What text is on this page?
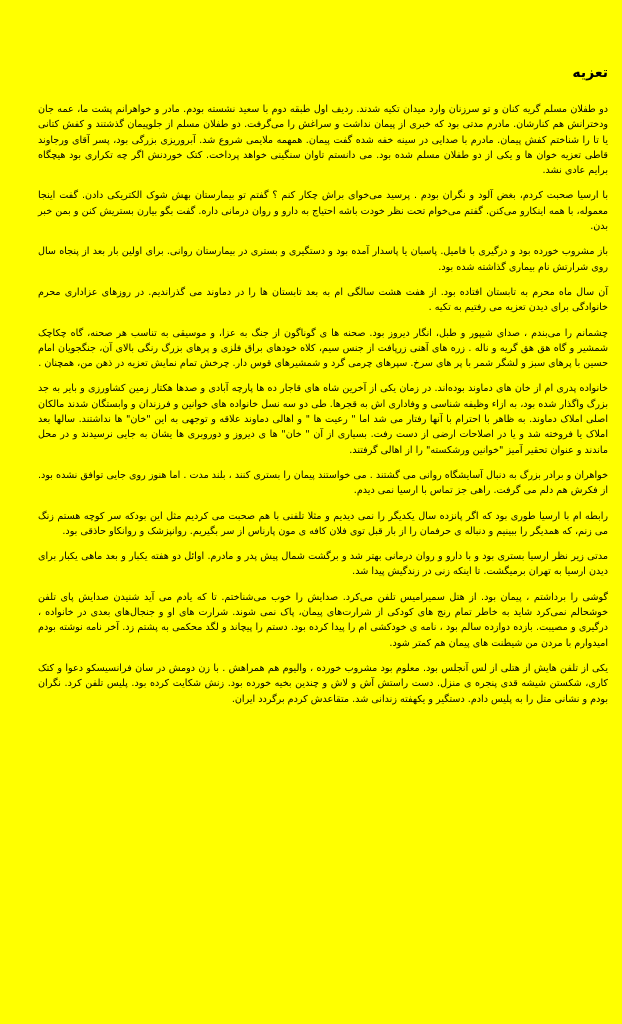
تعزیه

دو طفلان مسلم گریه کنان و تو سرزنان وارد میدان تکیه شدند. ردیف اول طبقه دوم با سعید نشسته بودم. مادر و خواهرانم پشت ما، عمه جان ودخترانش هم کنارشان. مادرم مدتی بود که خبری از پیمان نداشت و سراغش را می‌گرفت. دو طفلان مسلم از جلوپیمان گذشتند و کفش کتانی یا تا را شناختم کفش پیمان. مادرم با صدایی در سینه خفه شده گفت پیمان. همهمه ملایمی شروع شد. آبروریزی بزرگی بود، پسر آقای ورجاوند قاطی تعزیه خوان ها و یکی از دو طفلان مسلم شده بود. می دانستم تاوان سنگینی خواهد پرداخت. کتک خوردنش اگر چه تکراری بود هیچگاه برایم عادی نشد.

با ارسیا صحبت کردم، بغض آلود و نگران بودم . پرسید می‌خوای براش چکار کنم ؟ گفتم تو بیمارستان بهش شوک الکتریکی دادن. گفت اینجا معموله، با همه اینکارو می‌کنن. گفتم می‌خوام تحت نظر خودت باشه احتیاج به دارو و روان درمانی داره. گفت بگو بیارن بستریش کنن و بمن خبر بدن.

باز مشروب خورده بود و درگیری با فامیل. پاسبان یا پاسدار آمده بود و دستگیری و بستری در بیمارستان روانی. برای اولین بار بعد از پنجاه سال روی شرارتش نام بیماری گذاشته شده بود.

آن سال ماه محرم به تابستان افتاده بود. از هفت هشت سالگی ام به بعد تابستان ها را در دماوند می گذراندیم. در روزهای عزاداری محرم خانوادگی برای دیدن تعزیه می رفتیم به تکیه .

چشمانم را می‌بندم ، صدای شیپور و طبل، انگار دیروز بود. صحنه ها ی گوناگون از جنگ به عزا، و موسیقی به تناسب هر صحنه، گاه چکاچک شمشیر و گاه هق هق گریه و ناله . زره های آهنی زرپافت از جنس سیم، کلاه خودهای براق فلزی و پرهای بزرگ رنگی بالای آن، جنگجویان امام حسین با پرهای سبز و لشگر شمر با پر های سرخ. سپرهای چرمی گرد و شمشیرهای قوس دار. چرخش تمام نمایش تعزیه در ذهن من، همچنان .

خانواده پدری ام از خان های دماوند بوده‌اند. در زمان یکی از آخرین شاه های قاجار ده ها پارچه آبادی و صدها هکتار زمین کشاورزی و بایر به جد بزرگ واگذار شده بود، به ازاء وظیفه شناسی و وفاداری اش به قجرها. طی دو سه نسل خانواده های خوانین و فرزندان و وابستگان شدند مالکان اصلی املاک دماوند. به ظاهر با احترام با آنها رفتار می شد اما " رعیت ها " و اهالی دماوند علاقه و توجهی به این "خان" ها نداشتند. سالها بعد املاک یا فروخته شد و یا در اصلاحات ارضی از دست رفت. بسیاری از آن " خان" ها ی دیروز و دوروبری ها یشان به جایی نرسیدند و در محل ماندند و عنوان تحقیر آمیز "خوانین ورشکسته" را از اهالی گرفتند.

خواهران و برادر بزرگ به دنبال آسایشگاه روانی می گشتند . می خواستند پیمان را بستری کنند ، بلند مدت . اما هنوز روی جایی توافق نشده بود. از فکرش هم دلم می گرفت. راهی جز تماس با ارسیا نمی دیدم.

رابطه ام با ارسیا طوری بود که اگر پانزده سال یکدیگر را نمی دیدیم و مثلا تلفنی با هم صحبت می کردیم مثل این بودکه سر کوچه هستم زنگ می زنم، که همدیگر را ببینیم و دنباله ی حرفمان را از بار قبل توی فلان کافه ی مون پارناس از سر بگیریم. روانپزشک و روانکاو حاذقی بود.

مدتی زیر نظر ارسیا بستری بود و با دارو و روان درمانی بهتر شد و برگشت شمال پیش پدر و مادرم. اوائل دو هفته یکبار و بعد ماهی یکبار برای دیدن ارسیا به تهران برمیگشت. تا اینکه زنی در زندگیش پیدا شد.

گوشی را برداشتم ، پیمان بود. از هتل سمیرامیس تلفن می‌کرد. صدایش را خوب می‌شناختم. تا که یادم می آید شنیدن صدایش پای تلفن خوشحالم نمی‌کرد شاید به خاطر تمام رنج های کودکی از شرارت‌های پیمان، پاک نمی شوند. شرارت های او و جنجال‌های بعدی در خانواده ، درگیری و مصیبت. بازده دوازده سالم بود ، نامه ی خودکشی ام را پیدا کرده بود. دستم را پیچاند و لگد محکمی به پشتم زد. آخر نامه نوشته بودم امیدوارم با مردن من شیطنت های پیمان هم کمتر شود.

یکی از تلفن هایش از هتلی از لس آنجلس بود. معلوم بود مشروب خورده ، واليوم هم همراهش . با زن دومش در سان فرانسیسکو دعوا و کتک کاری، شکستن شیشه قدی پنجره ی منزل. دست راستش آش و لاش و چندین بخیه خورده بود. زنش شکایت کرده بود. پلیس تلفن کرد. نگران بودم و نشانی متل را به پلیس دادم. دستگیر و یکهفته زندانی شد. متقاعدش کردم برگردد ایران.
